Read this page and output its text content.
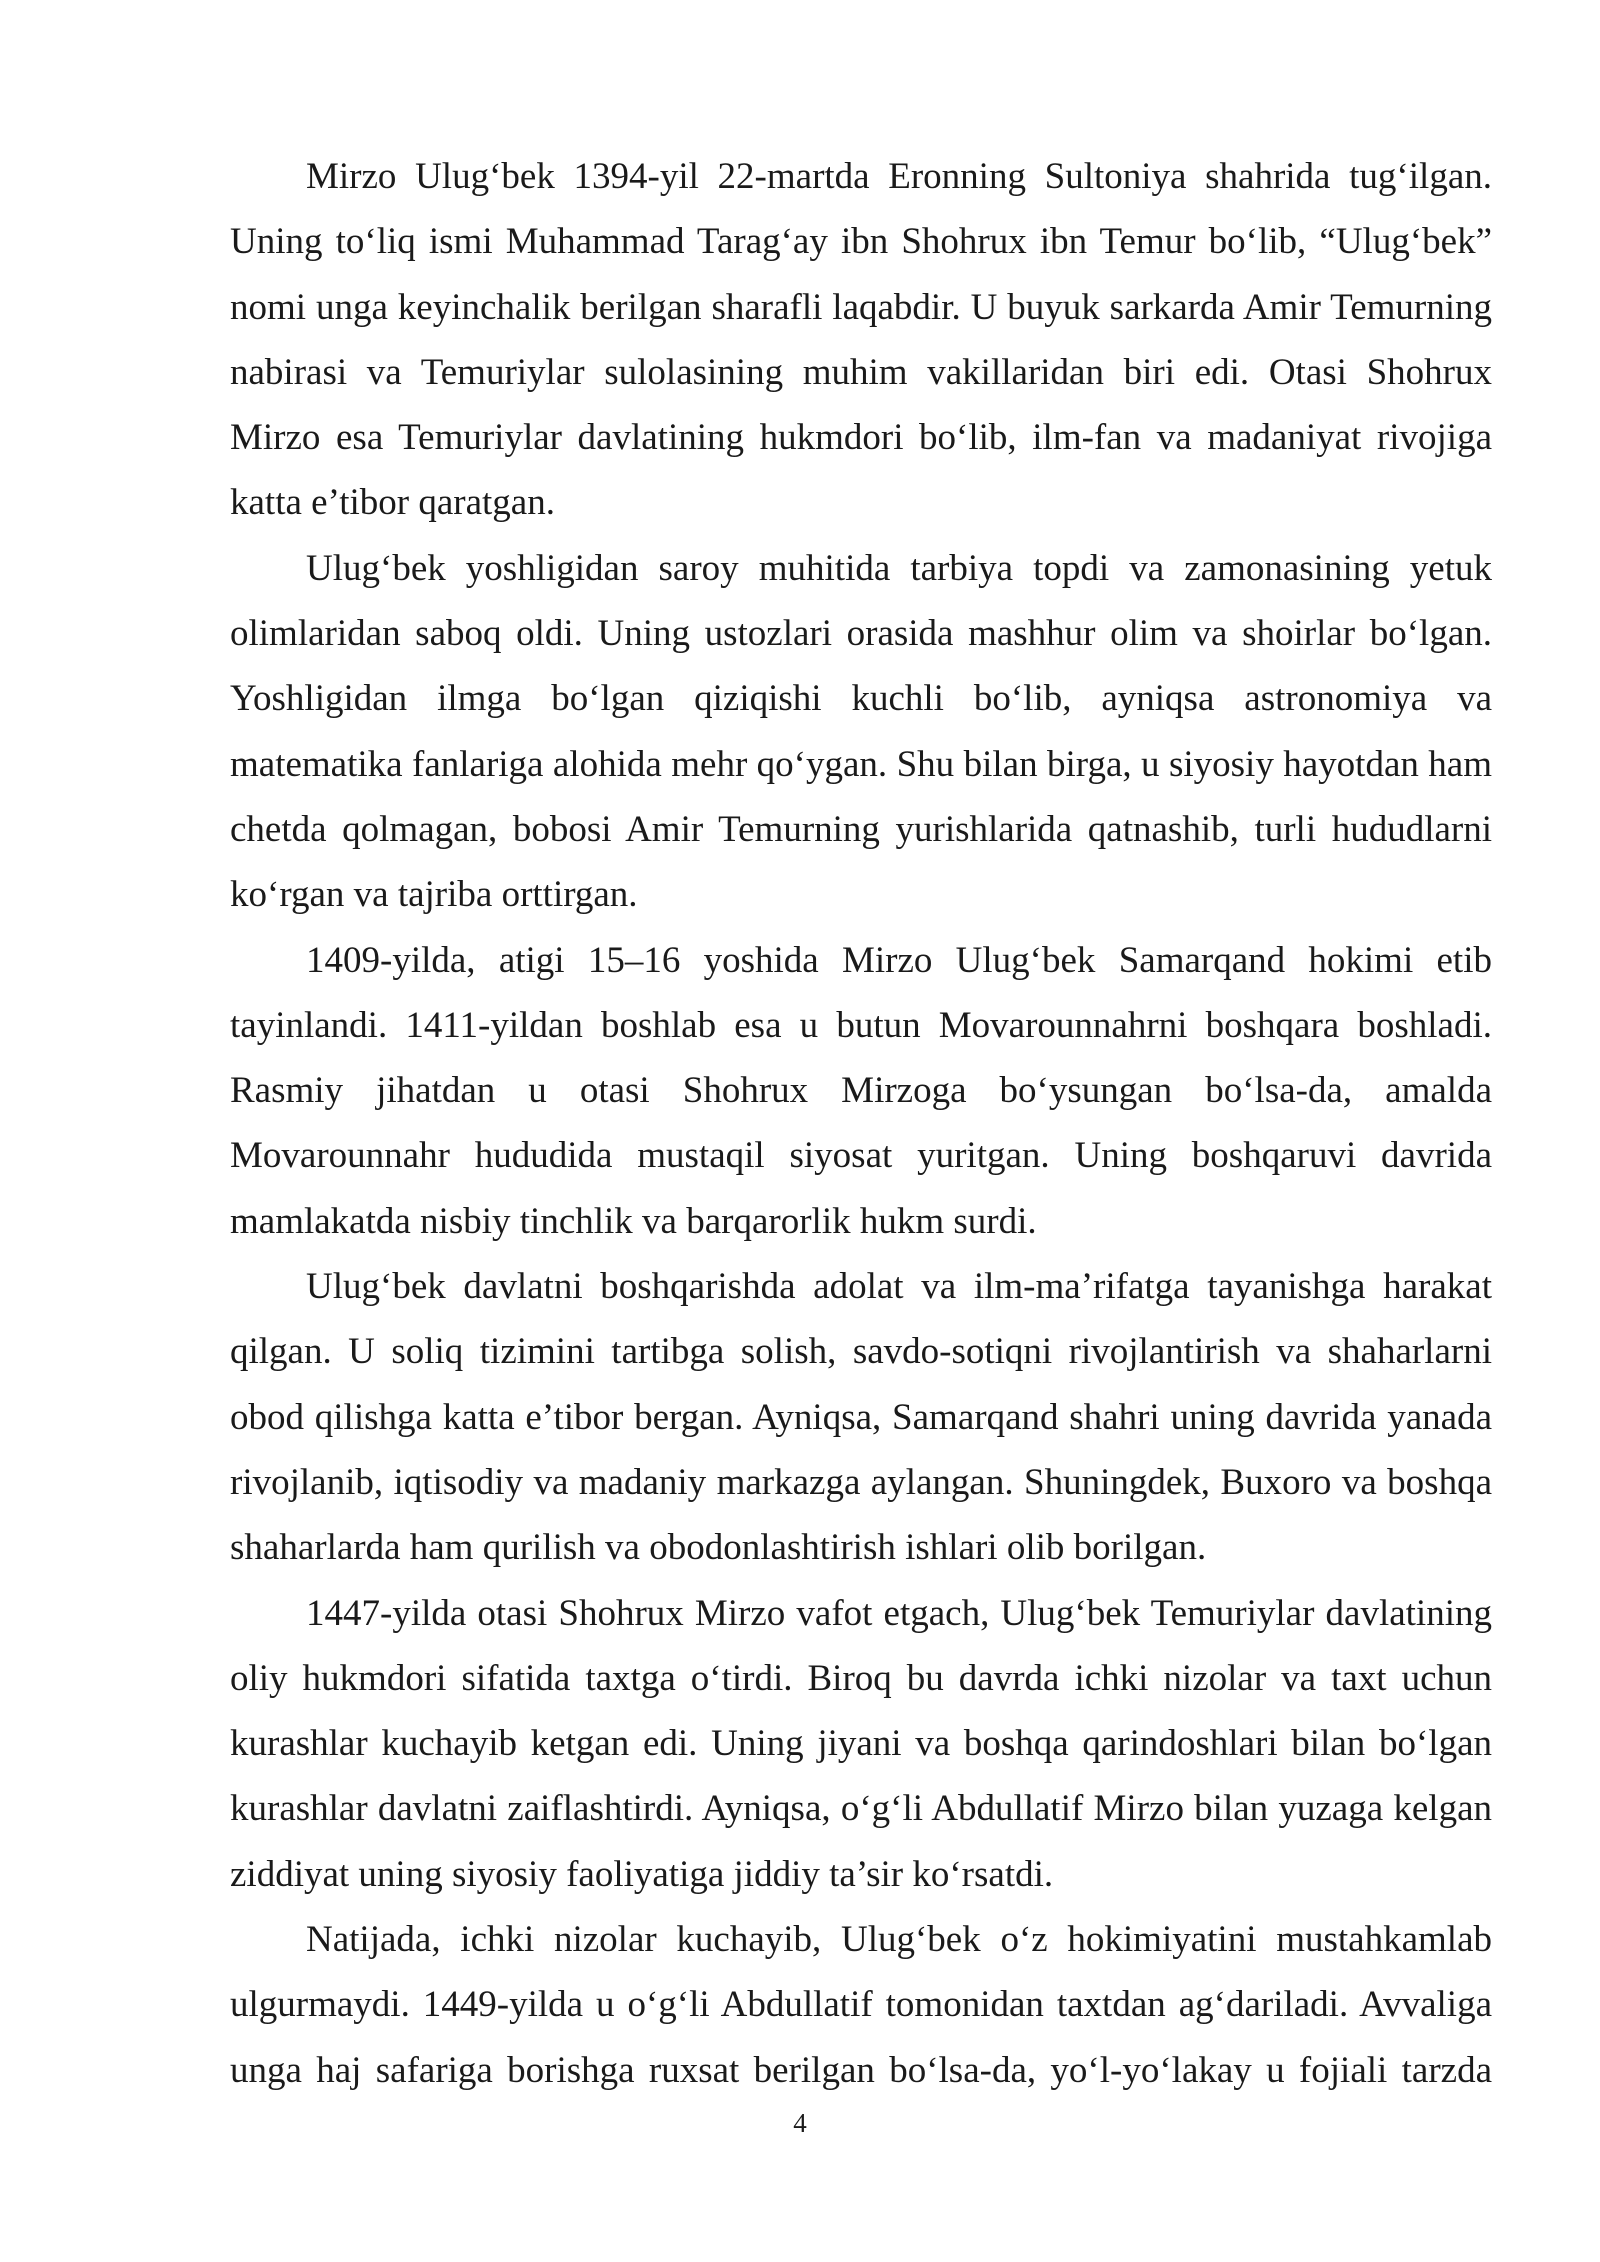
Mirzo Ulug‘bek 1394-yil 22-martda Eronning Sultoniya shahrida tug‘ilgan. Uning to‘liq ismi Muhammad Tarag‘ay ibn Shohrux ibn Temur bo‘lib, “Ulug‘bek” nomi unga keyinchalik berilgan sharafli laqabdir. U buyuk sarkarda Amir Temurning nabirasi va Temuriylar sulolasining muhim vakillaridan biri edi. Otasi Shohrux Mirzo esa Temuriylar davlatining hukmdori bo‘lib, ilm-fan va madaniyat rivojiga katta e’tibor qaratgan.

Ulug‘bek yoshligidan saroy muhitida tarbiya topdi va zamonasining yetuk olimlaridan saboq oldi. Uning ustozlari orasida mashhur olim va shoirlar bo‘lgan. Yoshligidan ilmga bo‘lgan qiziqishi kuchli bo‘lib, ayniqsa astronomiya va matematika fanlariga alohida mehr qo‘ygan. Shu bilan birga, u siyosiy hayotdan ham chetda qolmagan, bobosi Amir Temurning yurishlarida qatnashib, turli hududlarni ko‘rgan va tajriba orttirgan.

1409-yilda, atigi 15–16 yoshida Mirzo Ulug‘bek Samarqand hokimi etib tayinlandi. 1411-yildan boshlab esa u butun Movarounnahrni boshqara boshladi. Rasmiy jihatdan u otasi Shohrux Mirzoga bo‘ysungan bo‘lsa-da, amalda Movarounnahr hududida mustaqil siyosat yuritgan. Uning boshqaruvi davrida mamlakatda nisbiy tinchlik va barqarorlik hukm surdi.

Ulug‘bek davlatni boshqarishda adolat va ilm-ma’rifatga tayanishga harakat qilgan. U soliq tizimini tartibga solish, savdo-sotiqni rivojlantirish va shaharlarni obod qilishga katta e’tibor bergan. Ayniqsa, Samarqand shahri uning davrida yanada rivojlanib, iqtisodiy va madaniy markazga aylangan. Shuningdek, Buxoro va boshqa shaharlarda ham qurilish va obodonlashtirish ishlari olib borilgan.

1447-yilda otasi Shohrux Mirzo vafot etgach, Ulug‘bek Temuriylar davlatining oliy hukmdori sifatida taxtga o‘tirdi. Biroq bu davrda ichki nizolar va taxt uchun kurashlar kuchayib ketgan edi. Uning jiyani va boshqa qarindoshlari bilan bo‘lgan kurashlar davlatni zaiflashtirdi. Ayniqsa, o‘g‘li Abdullatif Mirzo bilan yuzaga kelgan ziddiyat uning siyosiy faoliyatiga jiddiy ta’sir ko‘rsatdi.

Natijada, ichki nizolar kuchayib, Ulug‘bek o‘z hokimiyatini mustahkamlab ulgurmaydi. 1449-yilda u o‘g‘li Abdullatif tomonidan taxtdan ag‘dariladi. Avvaliga unga haj safariga borishga ruxsat berilgan bo‘lsa-da, yo‘l-yo‘lakay u fojiali tarzda

4
